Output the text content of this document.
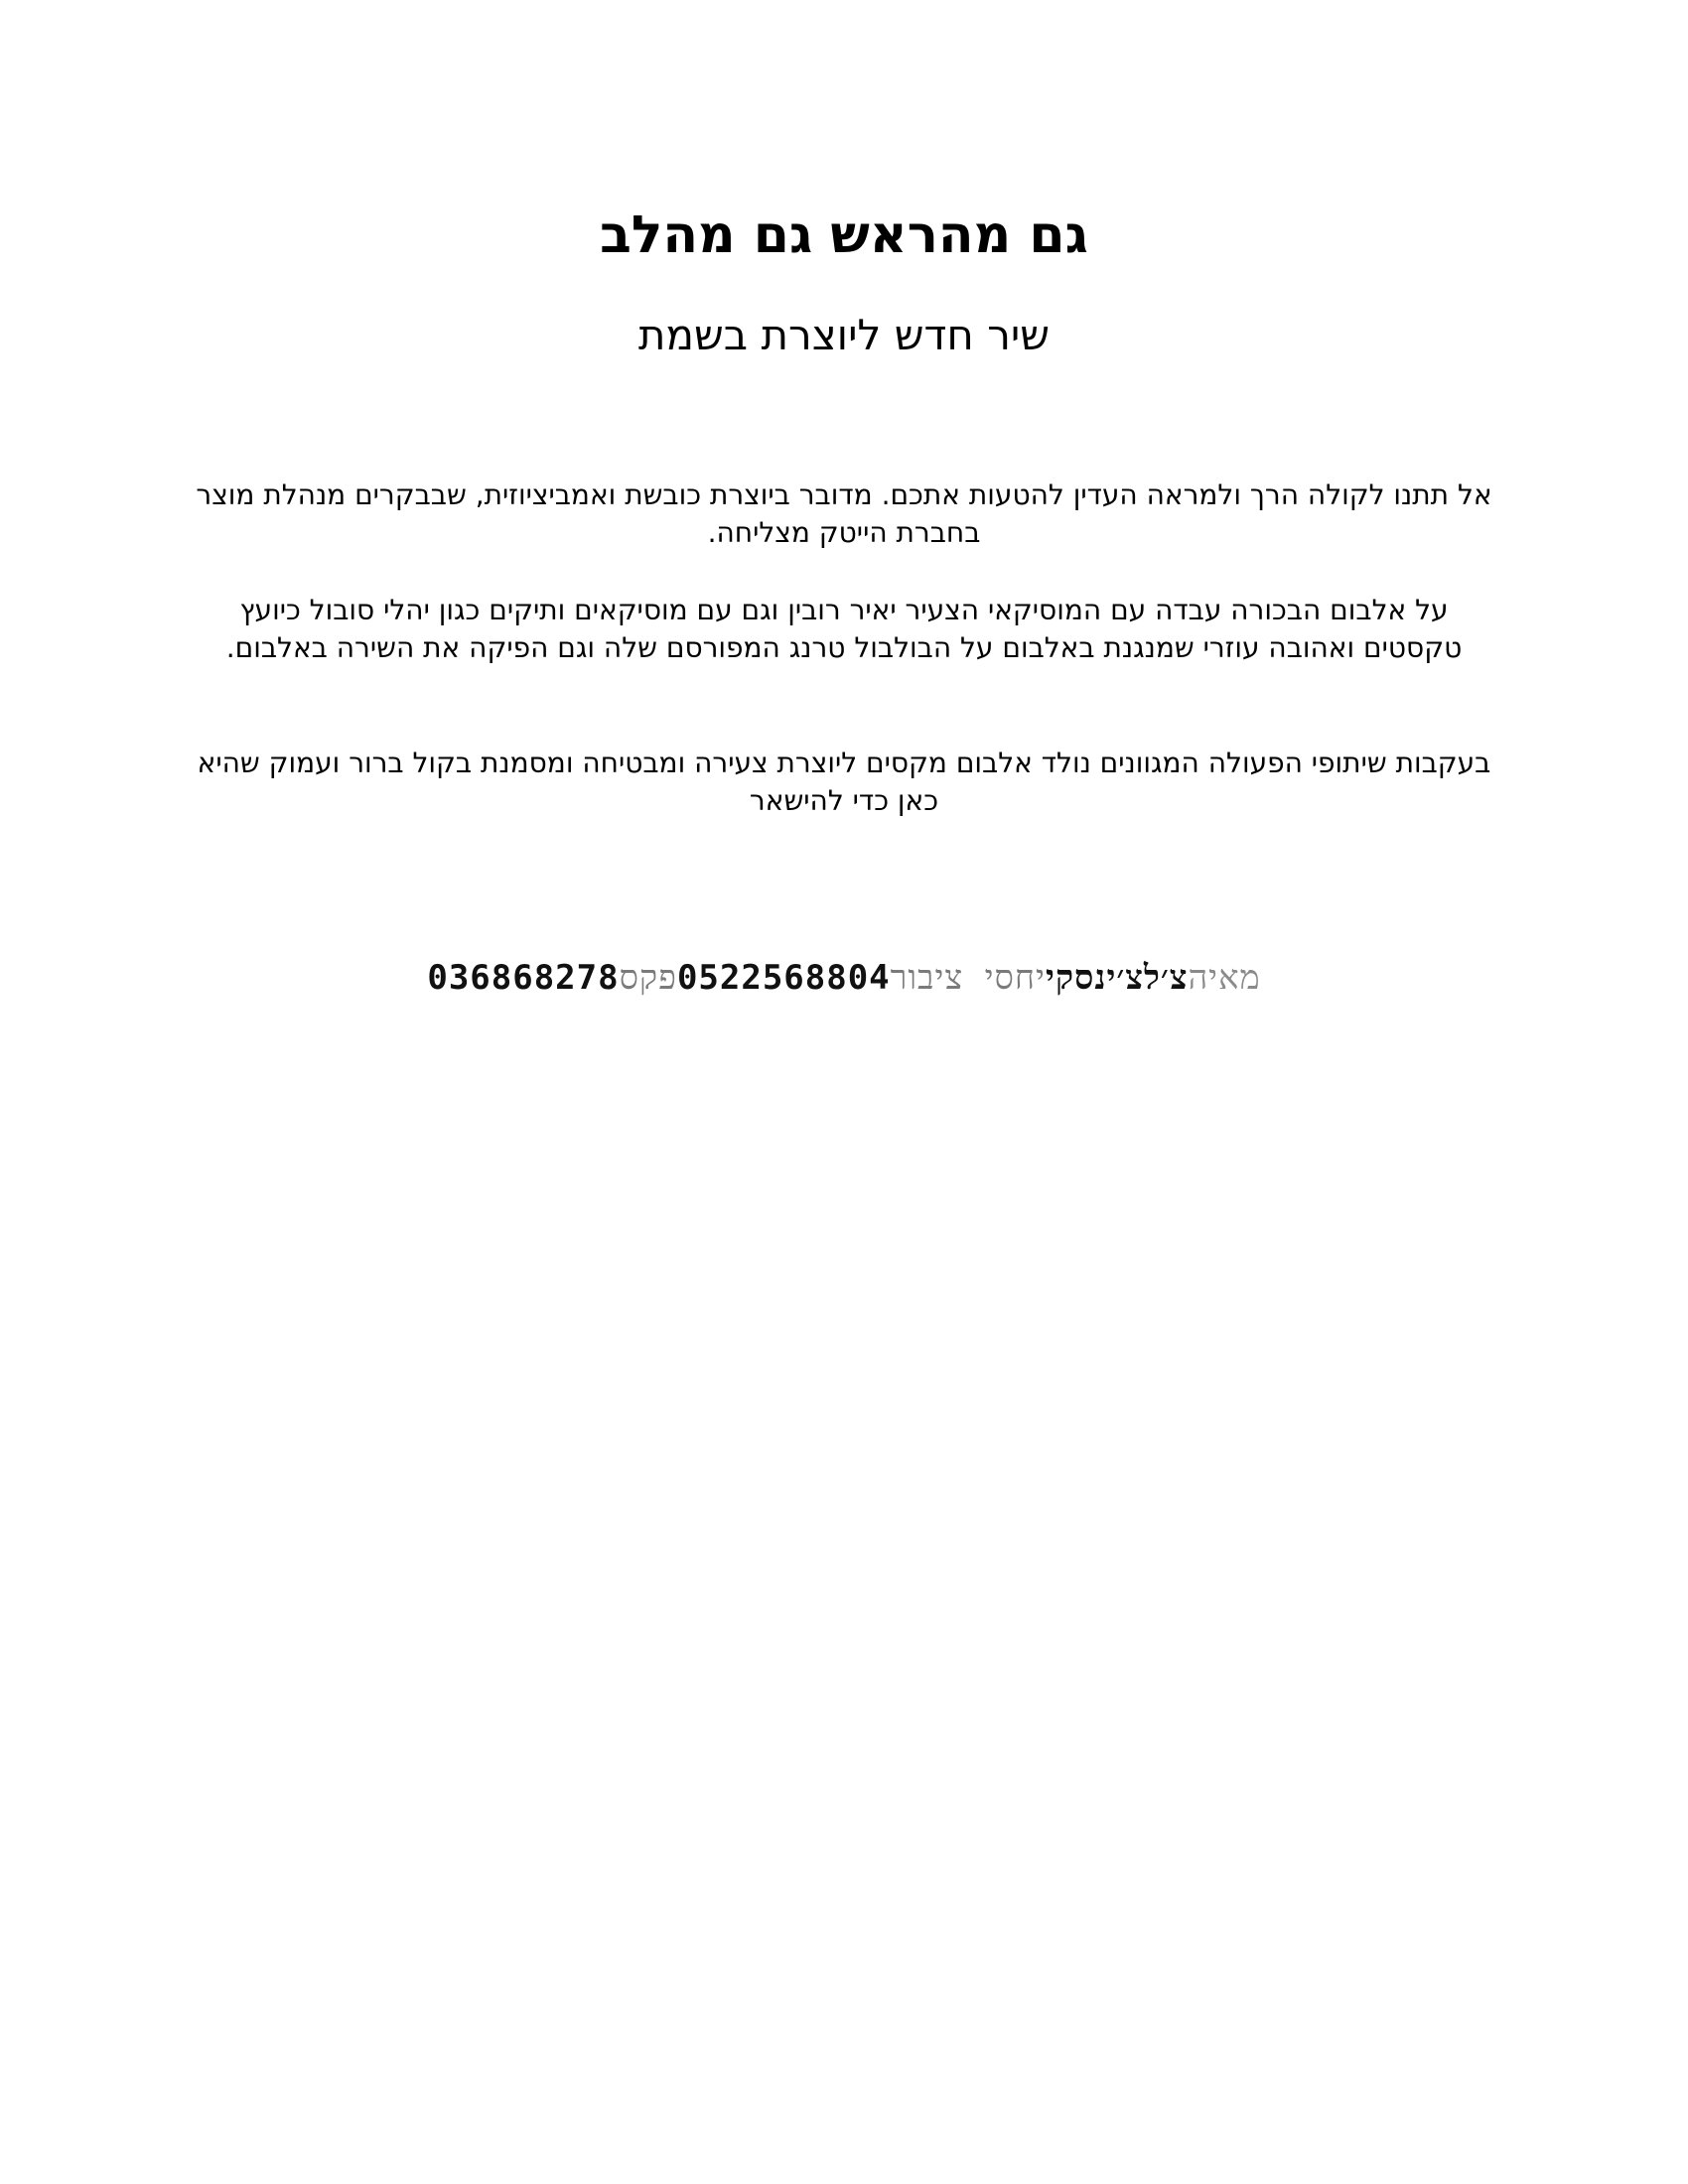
גם מהראש גם מהלב
שיר חדש ליוצרת בשמת

אל תתנו לקולה הרך ולמראה העדין להטעות אתכם. מדובר ביוצרת כובשת ואמביציוזית, שבבקרים מנהלת מוצר בחברת הייטק מצליחה.

על אלבום הבכורה עבדה עם המוסיקאי הצעיר יאיר רובין וגם עם מוסיקאים ותיקים כגון יהלי סובול כיועץ טקסטים ואהובה עוזרי שמנגנת באלבום על הבולבול טרנג המפורסם שלה וגם הפיקה את השירה באלבום.

בעקבות שיתופי הפעולה המגוונים נולד אלבום מקסים ליוצרת צעירה ומבטיחה ומסמנת בקול ברור ועמוק שהיא כאן כדי להישאר

מאיהצ׳לצ׳ינסקייחסי ציבור0522568804פקס036868278
